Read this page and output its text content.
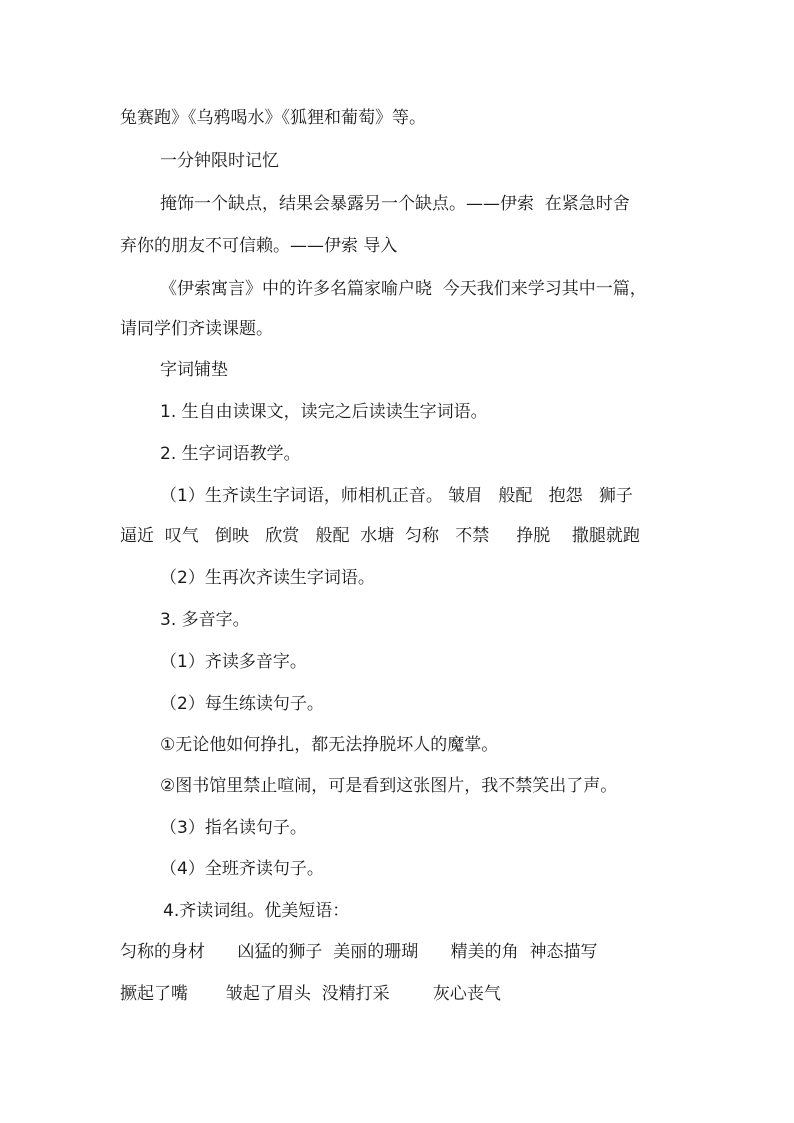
兔赛跑》《乌鸦喝水》《狐狸和葡萄》等。
一分钟限时记忆
掩饰一个缺点，结果会暴露另一个缺点。——伊索  在紧急时舍
弃你的朋友不可信赖。——伊索 导入
《伊索寓言》中的许多名篇家喻户晓  今天我们来学习其中一篇，
请同学们齐读课题。
字词铺垫
1. 生自由读课文，读完之后读读生字词语。
2. 生字词语教学。
（1）生齐读生字词语，师相机正音。 皱眉   般配   抱怨   狮子
逼近  叹气   倒映   欣赏   般配  水塘  匀称   不禁     挣脱    撒腿就跑
（2）生再次齐读生字词语。
3. 多音字。
（1）齐读多音字。
（2）每生练读句子。
①无论他如何挣扎，都无法挣脱坏人的魔掌。
②图书馆里禁止喧闹，可是看到这张图片，我不禁笑出了声。
（3）指名读句子。
（4）全班齐读句子。
4.齐读词组。优美短语：
匀称的身材      凶猛的狮子  美丽的珊瑚      精美的角  神态描写
撅起了嘴       皱起了眉头  没精打采        灰心丧气
